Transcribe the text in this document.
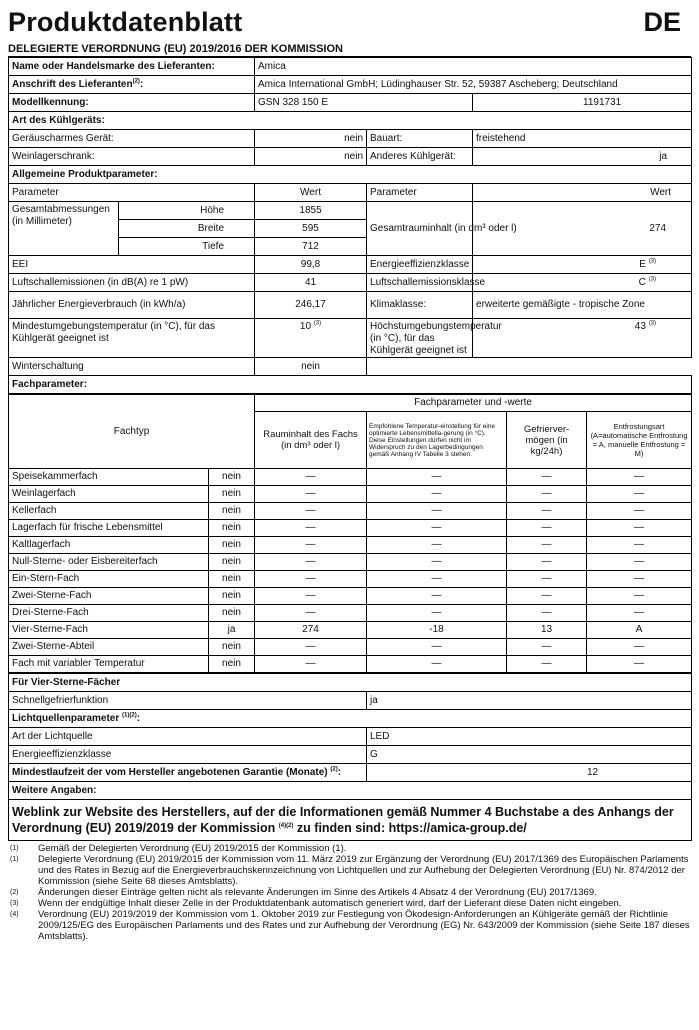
Produktdatenblatt	DE
DELEGIERTE VERORDNUNG (EU) 2019/2016 DER KOMMISSION
Name oder Handelsmarke des Lieferanten:		Amica		
Anschrift des Lieferanten$^{(2)}$:		Amica International GmbH; Lüdinghauser Str. 52, 59387 Ascheberg; Deutschland		
Modellkennung:		GSN 328 150 E		1191731
Art des Kühlgeräts:				
Geräuscharmes Gerät:		nein	Bauart:	freistehend
Weinlagerschrank:		nein	Anderes Kühlgerät:	ja
Allgemeine Produktparameter:				
Parameter		Wert	Parameter	Wert
Gesamtabmessungen (in Millimeter)	Höhe	1855	Gesamtrauminhalt (in dm³ oder l)	274
	Breite	595		
	Tiefe	712		
EEI		99,8	Energieeffizienzklasse	E $^{(3)}$
Luftschallemissionen (in dB(A) re 1 pW)		41	Luftschallemissionsklasse	C $^{(3)}$
Jährlicher Energieverbrauch (in kWh/a)		246,17	Klimaklasse:	erweiterte gemäßigte - tropische Zone
Mindestumgebungstemperatur (in °C), für das Kühlgerät geeignet ist		10 $^{(3)}$	Höchstumgebungstemperatur (in °C), für das Kühlgerät geeignet ist	43 $^{(3)}$
Winterschaltung		nein		
Fachparameter:				
Fachtyp		Fachparameter und -werte			
		Rauminhalt des Fachs (in dm³ oder l)	Empfohlene Temperatur-einstellung für eine optimierte Lebensmittella-gerung (in °C). Diese Einstellungen dürfen nicht im Widerspruch zu den Lagerbedingungen gemäß Anhang IV Tabelle 3 stehen:	Gefrierver-mögen (in kg/24h)	Entfrostungsart (A=automatische Entfrostung = A, manuelle Entfrostung = M)
Speisekammerfach	nein	—	—	—	—
Weinlagerfach	nein	—	—	—	—
Kellerfach	nein	—	—	—	—
Lagerfach für frische Lebensmittel	nein	—	—	—	—
Kaltlagerfach	nein	—	—	—	—
Null-Sterne- oder Eisbereiterfach	nein	—	—	—	—
Ein-Stern-Fach	nein	—	—	—	—
Zwei-Sterne-Fach	nein	—	—	—	—
Drei-Sterne-Fach	nein	—	—	—	—
Vier-Sterne-Fach	ja	274	-18	13	A
Zwei-Sterne-Abteil	nein	—	—	—	—
Fach mit variabler Temperatur	nein	—	—	—	—
Für Vier-Sterne-Fächer	
Schnellgefrierfunktion	ja
Lichtquellenparameter $^{(1)(2)}$:	
Art der Lichtquelle	LED
Energieeffizienzklasse	G
Mindestlaufzeit der vom Hersteller angebotenen Garantie (Monate) $^{(2)}$:	12
Weitere Angaben:	
Weblink zur Website des Herstellers, auf der die Informationen gemäß Nummer 4 Buchstabe a des Anhangs der Verordnung (EU) 2019/2019 der Kommission $^{(4)(2)}$ zu finden sind: https://amica-group.de/	
(1)	Gemäß der Delegierten Verordnung (EU) 2019/2015 der Kommission (1).
(1)	Delegierte Verordnung (EU) 2019/2015 der Kommission vom 11. März 2019 zur Ergänzung der Verordnung (EU) 2017/1369 des Europäischen Parlaments und des Rates in Bezug auf die Energieverbrauchskennzeichnung von Lichtquellen und zur Aufhebung der Delegierten Verordnung (EU) Nr. 874/2012 der Kommission (siehe Seite 68 dieses Amtsblatts).
(2)	Änderungen dieser Einträge gelten nicht als relevante Änderungen im Sinne des Artikels 4 Absatz 4 der Verordnung (EU) 2017/1369.
(3)	Wenn der endgültige Inhalt dieser Zelle in der Produktdatenbank automatisch generiert wird, darf der Lieferant diese Daten nicht eingeben.
(4)	Verordnung (EU) 2019/2019 der Kommission vom 1. Oktober 2019 zur Festlegung von Ökodesign-Anforderungen an Kühlgeräte gemäß der Richtlinie 2009/125/EG des Europäischen Parlaments und des Rates und zur Aufhebung der Verordnung (EG) Nr. 643/2009 der Kommission (siehe Seite 187 dieses Amtsblatts).
